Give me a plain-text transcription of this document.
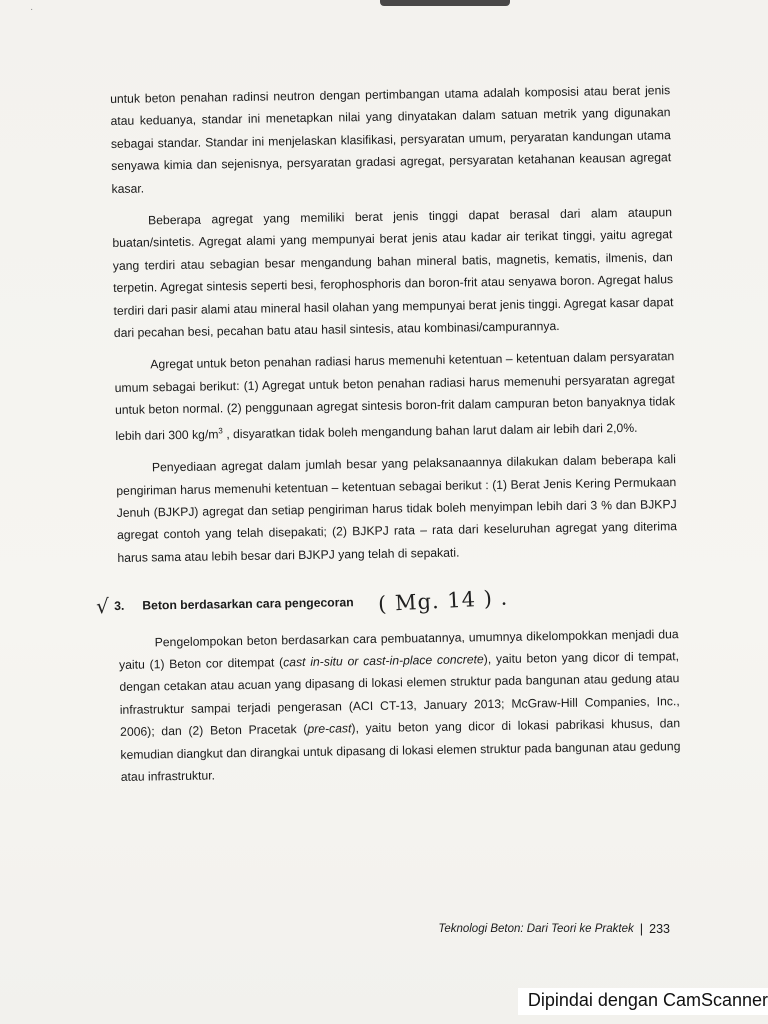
·

untuk beton penahan radinsi neutron dengan pertimbangan utama adalah komposisi atau berat jenis atau keduanya, standar ini menetapkan nilai yang dinyatakan dalam satuan metrik yang digunakan sebagai standar. Standar ini menjelaskan klasifikasi, persyaratan umum, peryaratan kandungan utama senyawa kimia dan sejenisnya, persyaratan gradasi agregat, persyaratan ketahanan keausan agregat kasar.

Beberapa agregat yang memiliki berat jenis tinggi dapat berasal dari alam ataupun buatan/sintetis. Agregat alami yang mempunyai berat jenis atau kadar air terikat tinggi, yaitu agregat yang terdiri atau sebagian besar mengandung bahan mineral batis, magnetis, kematis, ilmenis, dan terpetin. Agregat sintesis seperti besi, ferophosphoris dan boron-frit atau senyawa boron. Agregat halus terdiri dari pasir alami atau mineral hasil olahan yang mempunyai berat jenis tinggi. Agregat kasar dapat dari pecahan besi, pecahan batu atau hasil sintesis, atau kombinasi/campurannya.

Agregat untuk beton penahan radiasi harus memenuhi ketentuan – ketentuan dalam persyaratan umum sebagai berikut: (1) Agregat untuk beton penahan radiasi harus memenuhi persyaratan agregat untuk beton normal. (2) penggunaan agregat sintesis boron-frit dalam campuran beton banyaknya tidak lebih dari 300 $kg/m^3$ , disyaratkan tidak boleh mengandung bahan larut dalam air lebih dari 2,0%.

Penyediaan agregat dalam jumlah besar yang pelaksanaannya dilakukan dalam beberapa kali pengiriman harus memenuhi ketentuan – ketentuan sebagai berikut : (1) Berat Jenis Kering Permukaan Jenuh (BJKPJ) agregat dan setiap pengiriman harus tidak boleh menyimpan lebih dari 3 % dan BJKPJ agregat contoh yang telah disepakati; (2) BJKPJ rata – rata dari keseluruhan agregat yang diterima harus sama atau lebih besar dari BJKPJ yang telah di sepakati.

√ 3. Beton berdasarkan cara pengecoran ( Mg. 14 ) .

Pengelompokan beton berdasarkan cara pembuatannya, umumnya dikelompokkan menjadi dua yaitu (1) Beton cor ditempat (cast in-situ or cast-in-place concrete), yaitu beton yang dicor di tempat, dengan cetakan atau acuan yang dipasang di lokasi elemen struktur pada bangunan atau gedung atau infrastruktur sampai terjadi pengerasan (ACI CT-13, January 2013; McGraw-Hill Companies, Inc., 2006); dan (2) Beton Pracetak (pre-cast), yaitu beton yang dicor di lokasi pabrikasi khusus, dan kemudian diangkut dan dirangkai untuk dipasang di lokasi elemen struktur pada bangunan atau gedung atau infrastruktur.

Teknologi Beton: Dari Teori ke Praktek | 233
Dipindai dengan CamScanner
